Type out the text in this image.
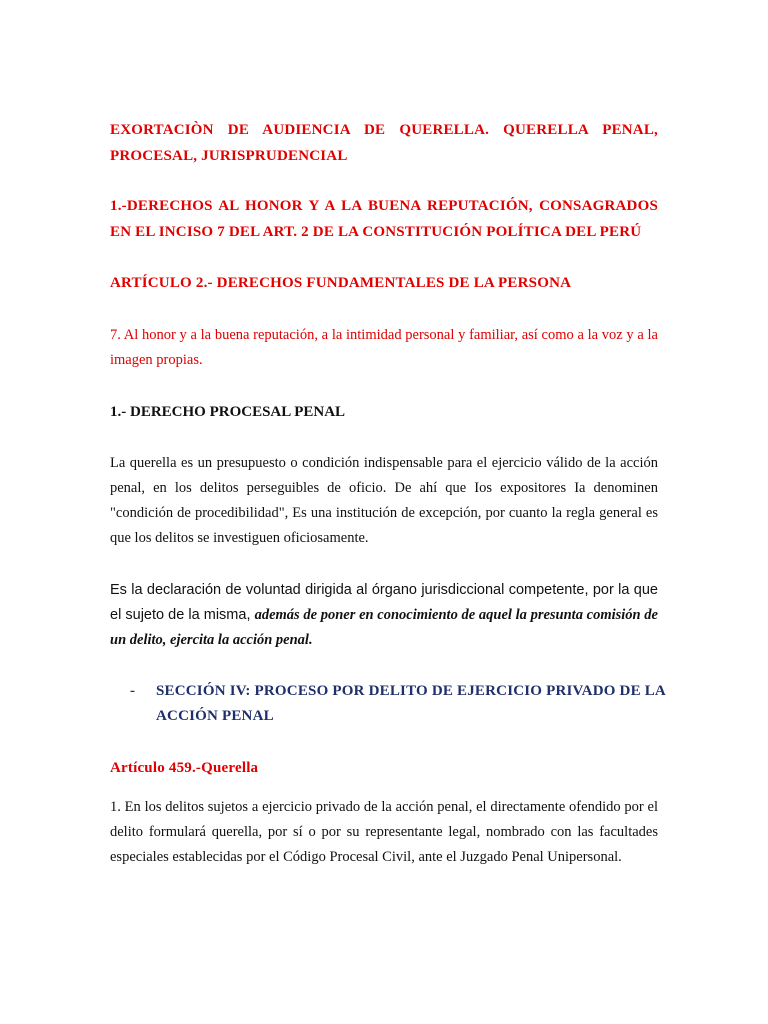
EXORTACIÒN DE AUDIENCIA DE QUERELLA. QUERELLA PENAL, PROCESAL, JURISPRUDENCIAL

1.-DERECHOS AL HONOR Y A LA BUENA REPUTACIÓN, CONSAGRADOS EN EL INCISO 7 DEL ART. 2 DE LA CONSTITUCIÓN POLÍTICA DEL PERÚ

ARTÍCULO 2.- DERECHOS FUNDAMENTALES DE LA PERSONA

7. Al honor y a la buena reputación, a la intimidad personal y familiar, así como a la voz y a la imagen propias.

1.- DERECHO PROCESAL PENAL

La querella es un presupuesto o condición indispensable para el ejercicio válido de la acción penal, en los delitos perseguibles de oficio. De ahí que Ios expositores Ia denominen "condición de procedibilidad", Es una institución de excepción, por cuanto la regla general es que los delitos se investiguen oficiosamente.

Es la declaración de voluntad dirigida al órgano jurisdiccional competente, por la que el sujeto de la misma, además de poner en conocimiento de aquel la presunta comisión de un delito, ejercita la acción penal.

- SECCIÓN IV: PROCESO POR DELITO DE EJERCICIO PRIVADO DE LA ACCIÓN PENAL

Artículo 459.-Querella

1. En los delitos sujetos a ejercicio privado de la acción penal, el directamente ofendido por el delito formulará querella, por sí o por su representante legal, nombrado con las facultades especiales establecidas por el Código Procesal Civil, ante el Juzgado Penal Unipersonal.
